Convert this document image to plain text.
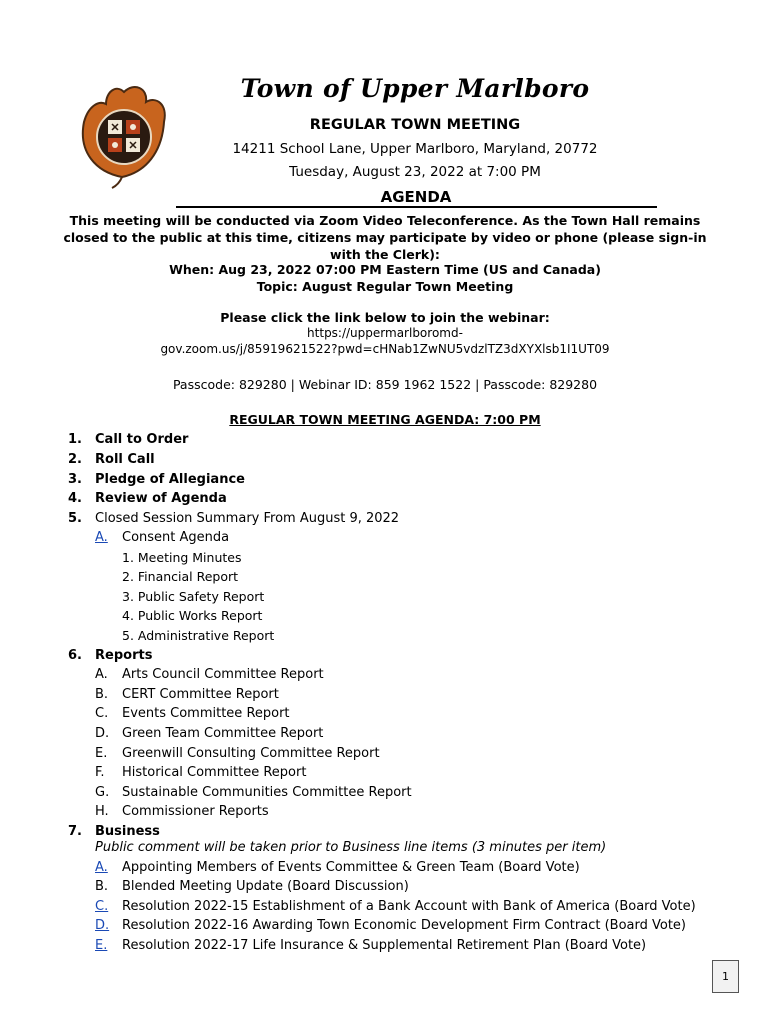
Town of Upper Marlboro
REGULAR TOWN MEETING
14211 School Lane, Upper Marlboro, Maryland, 20772
Tuesday, August 23, 2022 at 7:00 PM
AGENDA
This meeting will be conducted via Zoom Video Teleconference. As the Town Hall remains closed to the public at this time, citizens may participate by video or phone (please sign-in with the Clerk):
When: Aug 23, 2022 07:00 PM Eastern Time (US and Canada)
Topic: August Regular Town Meeting
Please click the link below to join the webinar:
https://uppermarlboromd-
gov.zoom.us/j/85919621522?pwd=cHNab1ZwNU5vdzlTZ3dXYXlsb1I1UT09
Passcode: 829280 | Webinar ID: 859 1962 1522 | Passcode: 829280
REGULAR TOWN MEETING AGENDA: 7:00 PM
1. Call to Order
2. Roll Call
3. Pledge of Allegiance
4. Review of Agenda
5. Closed Session Summary From August 9, 2022
A. Consent Agenda
1. Meeting Minutes
2. Financial Report
3. Public Safety Report
4. Public Works Report
5. Administrative Report
6. Reports
A. Arts Council Committee Report
B. CERT Committee Report
C. Events Committee Report
D. Green Team Committee Report
E. Greenwill Consulting Committee Report
F. Historical Committee Report
G. Sustainable Communities Committee Report
H. Commissioner Reports
7. Business
Public comment will be taken prior to Business line items (3 minutes per item)
A. Appointing Members of Events Committee & Green Team (Board Vote)
B. Blended Meeting Update (Board Discussion)
C. Resolution 2022-15 Establishment of a Bank Account with Bank of America (Board Vote)
D. Resolution 2022-16 Awarding Town Economic Development Firm Contract (Board Vote)
E. Resolution 2022-17 Life Insurance & Supplemental Retirement Plan (Board Vote)
1
